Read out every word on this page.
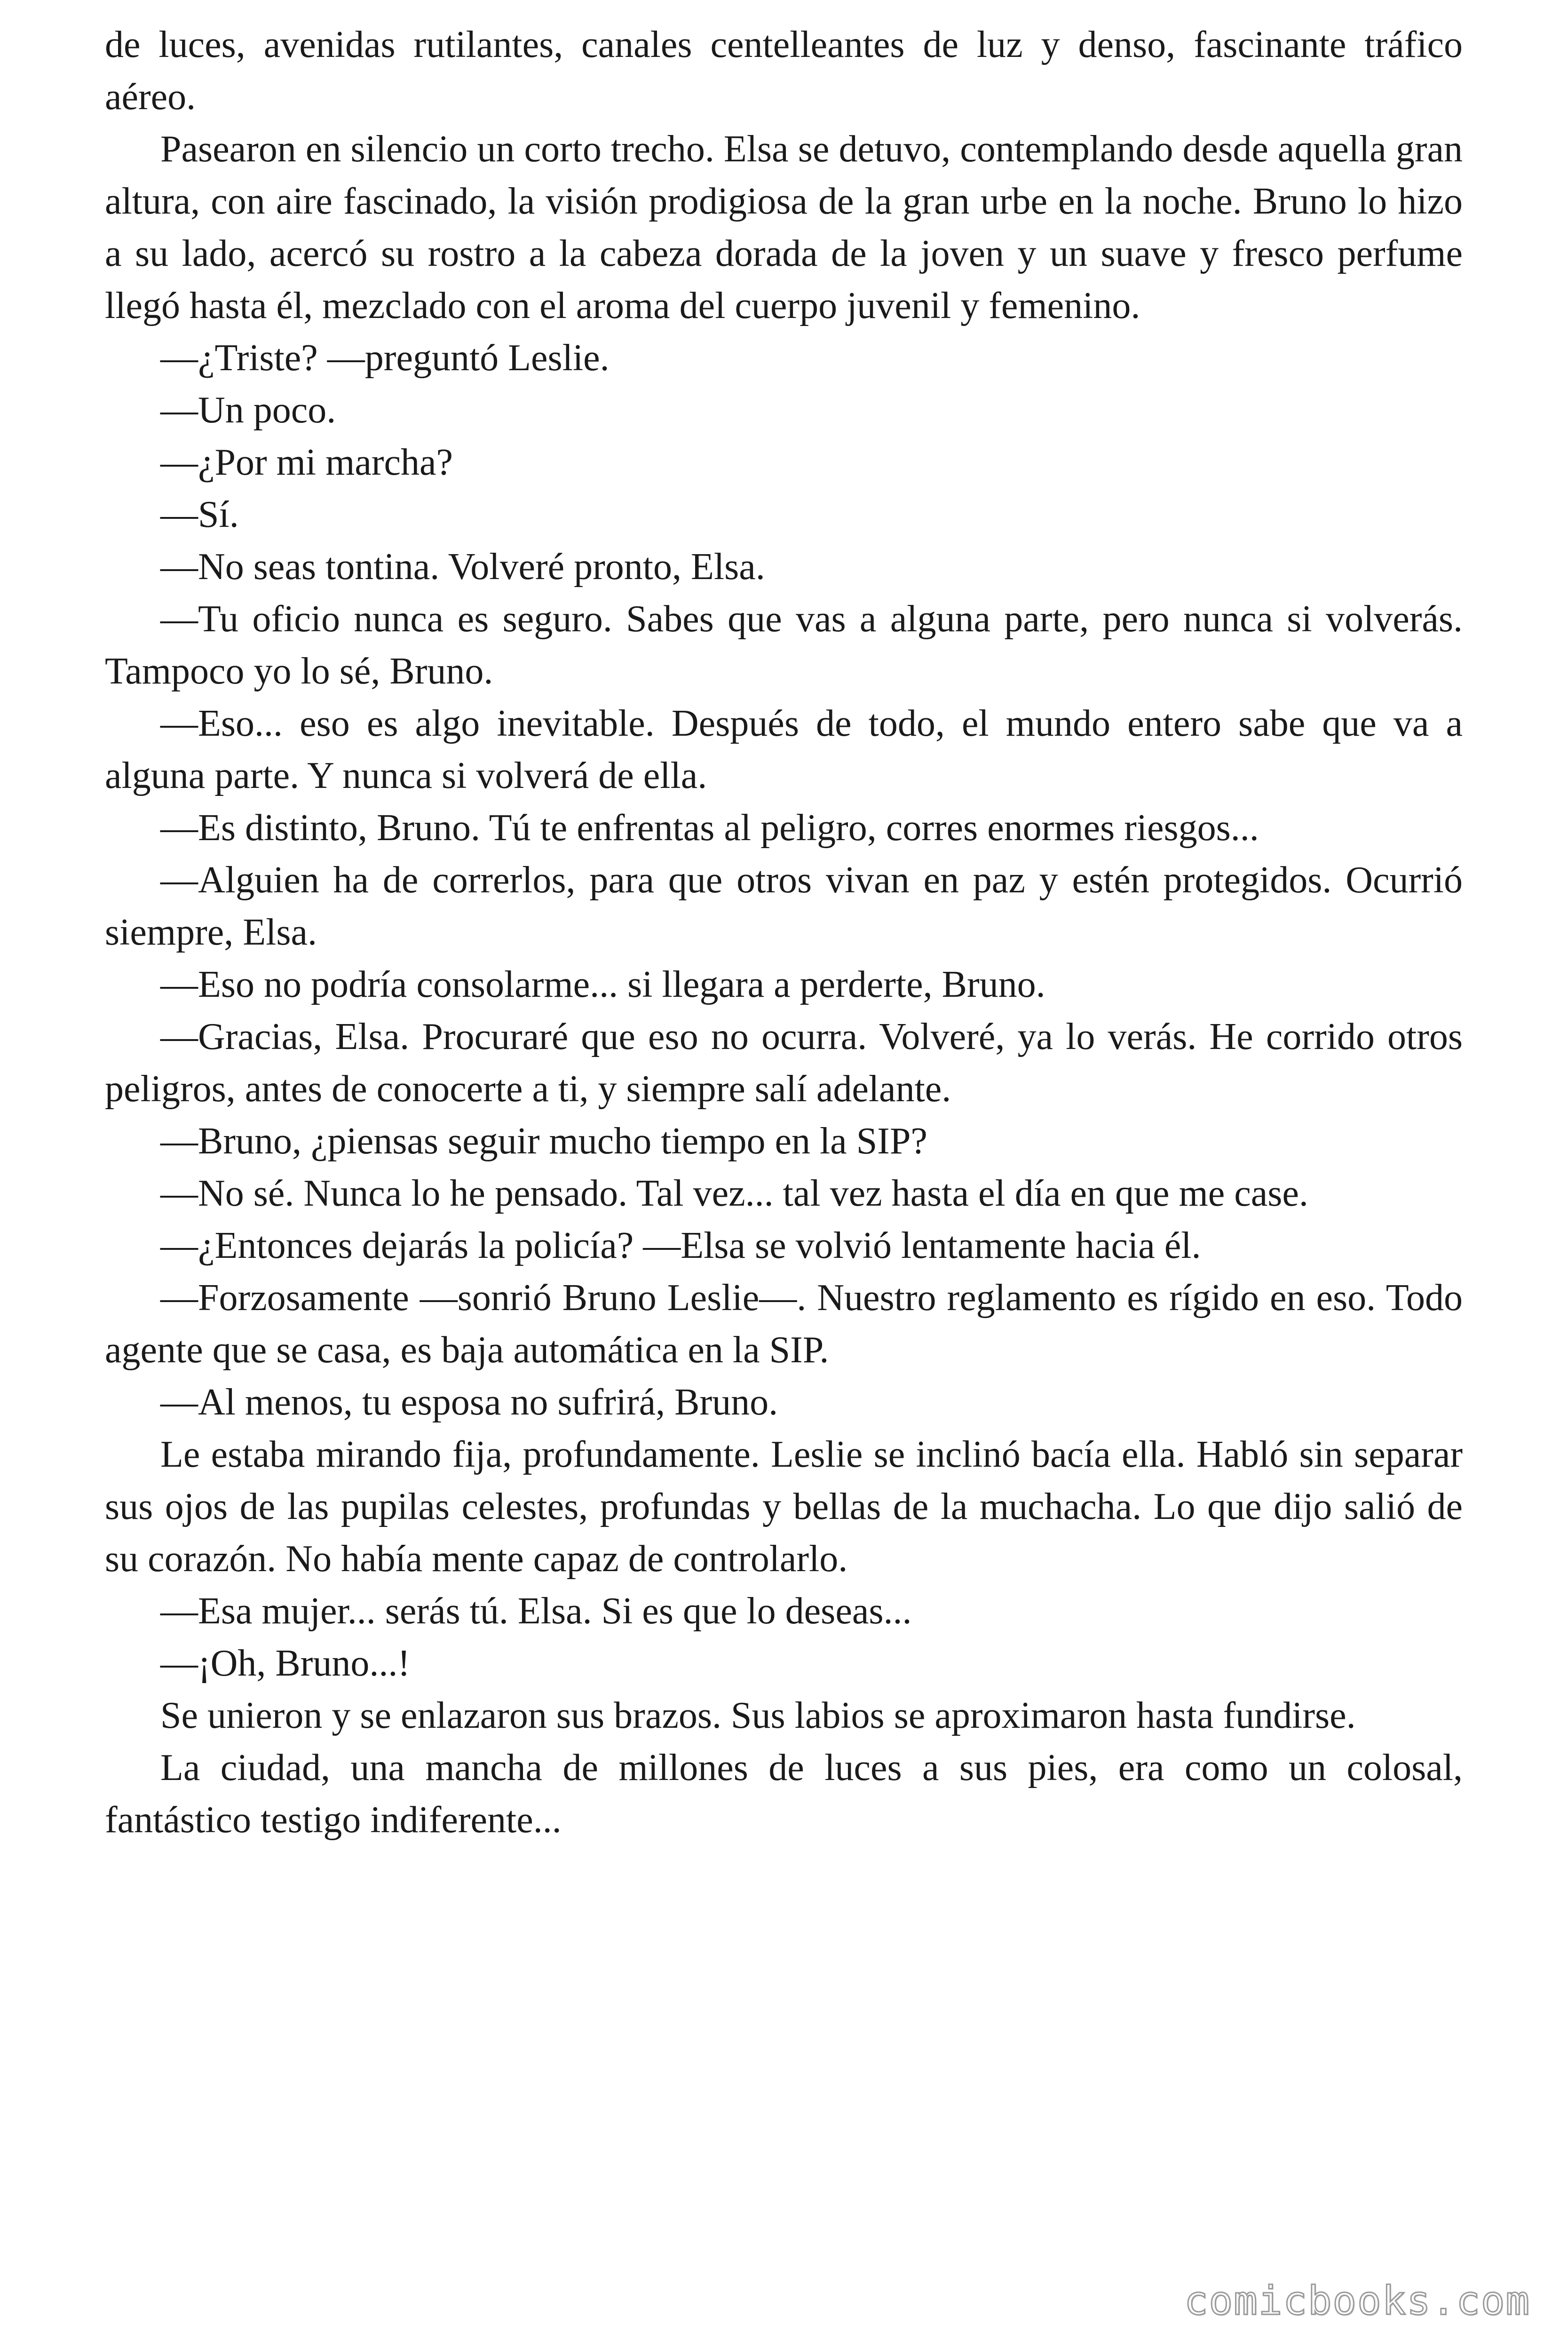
de luces, avenidas rutilantes, canales centelleantes de luz y denso, fascinante tráfico aéreo.

Pasearon en silencio un corto trecho. Elsa se detuvo, contemplando desde aquella gran altura, con aire fascinado, la visión prodigiosa de la gran urbe en la noche. Bruno lo hizo a su lado, acercó su rostro a la cabeza dorada de la joven y un suave y fresco perfume llegó hasta él, mezclado con el aroma del cuerpo juvenil y femenino.

—¿Triste? —preguntó Leslie.

—Un poco.

—¿Por mi marcha?

—Sí.

—No seas tontina. Volveré pronto, Elsa.

—Tu oficio nunca es seguro. Sabes que vas a alguna parte, pero nunca si volverás. Tampoco yo lo sé, Bruno.

—Eso... eso es algo inevitable. Después de todo, el mundo entero sabe que va a alguna parte. Y nunca si volverá de ella.

—Es distinto, Bruno. Tú te enfrentas al peligro, corres enormes riesgos...

—Alguien ha de correrlos, para que otros vivan en paz y estén protegidos. Ocurrió siempre, Elsa.

—Eso no podría consolarme... si llegara a perderte, Bruno.

—Gracias, Elsa. Procuraré que eso no ocurra. Volveré, ya lo verás. He corrido otros peligros, antes de conocerte a ti, y siempre salí adelante.

—Bruno, ¿piensas seguir mucho tiempo en la SIP?

—No sé. Nunca lo he pensado. Tal vez... tal vez hasta el día en que me case.

—¿Entonces dejarás la policía? —Elsa se volvió lentamente hacia él.

—Forzosamente —sonrió Bruno Leslie—. Nuestro reglamento es rígido en eso. Todo agente que se casa, es baja automática en la SIP.

—Al menos, tu esposa no sufrirá, Bruno.

Le estaba mirando fija, profundamente. Leslie se inclinó bacía ella. Habló sin separar sus ojos de las pupilas celestes, profundas y bellas de la muchacha. Lo que dijo salió de su corazón. No había mente capaz de controlarlo.

—Esa mujer... serás tú. Elsa. Si es que lo deseas...

—¡Oh, Bruno...!

Se unieron y se enlazaron sus brazos. Sus labios se aproximaron hasta fundirse.

La ciudad, una mancha de millones de luces a sus pies, era como un colosal, fantástico testigo indiferente...

comicbooks.com
